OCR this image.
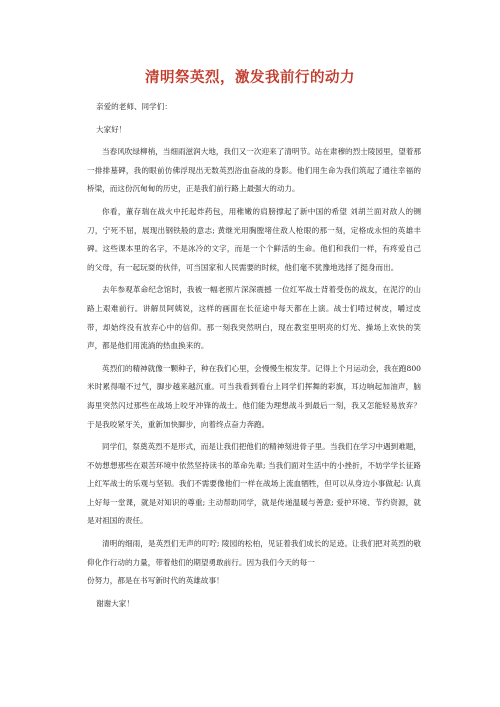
清明祭英烈，激发我前行的动力

亲爱的老师、同学们：

大家好！

当春风吹绿柳梢，当细雨滋润大地，我们又一次迎来了清明节。站在肃穆的烈士陵园里，望着那一排排墓碑，我的眼前仿佛浮现出无数英烈浴血奋战的身影。他们用生命为我们筑起了通往幸福的桥梁，而这份沉甸甸的历史，正是我们前行路上最强大的动力。

你看，董存瑞在战火中托起炸药包，用稚嫩的肩膀撑起了新中国的希望 刘胡兰面对敌人的铡刀，宁死不屈，展现出钢铁般的意志; 黄继光用胸膛堵住敌人枪眼的那一刻，定格成永恒的英雄丰碑。这些课本里的名字，不是冰冷的文字，而是一个个鲜活的生命。他们和我们一样，有疼爱自己的父母，有一起玩耍的伙伴，可当国家和人民需要的时候，他们毫不犹豫地选择了挺身而出。

去年参观革命纪念馆时，我被一幅老照片深深震撼 一位红军战士背着受伤的战友，在泥泞的山路上艰难前行。讲解员阿姨说，这样的画面在长征途中每天都在上演。战士们啃过树皮，嚼过皮带，却始终没有放弃心中的信仰。那一刻我突然明白，现在教室里明亮的灯光、操场上欢快的笑声，都是他们用流淌的热血换来的。

英烈们的精神就像一颗种子，种在我们心里，会慢慢生根发芽。记得上个月运动会，我在跑800米时累得喘不过气，脚步越来越沉重。可当我看到看台上同学们挥舞的彩旗，耳边响起加油声，脑海里突然闪过那些在战场上咬牙冲锋的战士。他们能为理想战斗到最后一刻，我又怎能轻易放弃？于是我咬紧牙关，重新加快脚步，向着终点奋力奔跑。

同学们，祭奠英烈不是形式，而是让我们把他们的精神刻进骨子里。当我们在学习中遇到难题，不妨想想那些在艰苦环境中依然坚持读书的革命先辈; 当我们面对生活中的小挫折，不妨学学长征路上红军战士的乐观与坚韧。我们不需要像他们一样在战场上流血牺牲，但可以从身边小事做起: 认真上好每一堂课，就是对知识的尊重; 主动帮助同学，就是传递温暖与善意; 爱护环境、节约资源，就是对祖国的责任。

清明的细雨，是英烈们无声的叮咛; 陵园的松柏，见证着我们成长的足迹。让我们把对英烈的敬仰化作行动的力量，带着他们的期望勇敢前行。因为我们今天的每一

份努力，都是在书写新时代的英雄故事！

谢谢大家！
